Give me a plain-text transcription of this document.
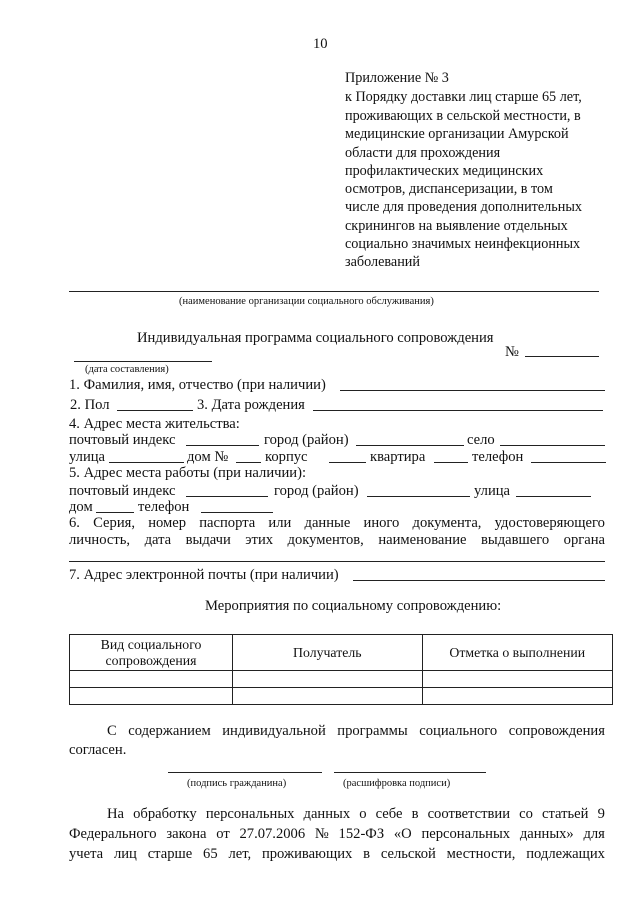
10
Приложение № 3
к Порядку доставки лиц старше 65 лет,
проживающих в сельской местности, в
медицинские организации Амурской
области для прохождения
профилактических медицинских
осмотров, диспансеризации, в том
числе для проведения дополнительных
скринингов на выявление отдельных
социально значимых неинфекционных
заболеваний
(наименование организации социального обслуживания)
Индивидуальная программа социального сопровождения
№
(дата составления)
1. Фамилия, имя, отчество (при наличии)
2. Пол	3. Дата рождения
4. Адрес места жительства:
почтовый индекс	город (район)	село
улица	дом №	корпус	квартира	телефон
5. Адрес места работы (при наличии):
почтовый индекс	город (район)	улица
дом	телефон
6. Серия, номер паспорта или данные иного документа, удостоверяющего
личность, дата выдачи этих документов, наименование выдавшего органа
7. Адрес электронной почты (при наличии)
Мероприятия по социальному сопровождению:
Вид социального сопровождения	Получатель	Отметка о выполнении

С содержанием индивидуальной программы социального сопровождения
согласен.
(подпись гражданина)	(расшифровка подписи)
На обработку персональных данных о себе в соответствии со статьей 9
Федерального закона от 27.07.2006 № 152-ФЗ «О персональных данных» для
учета лиц старше 65 лет, проживающих в сельской местности, подлежащих
